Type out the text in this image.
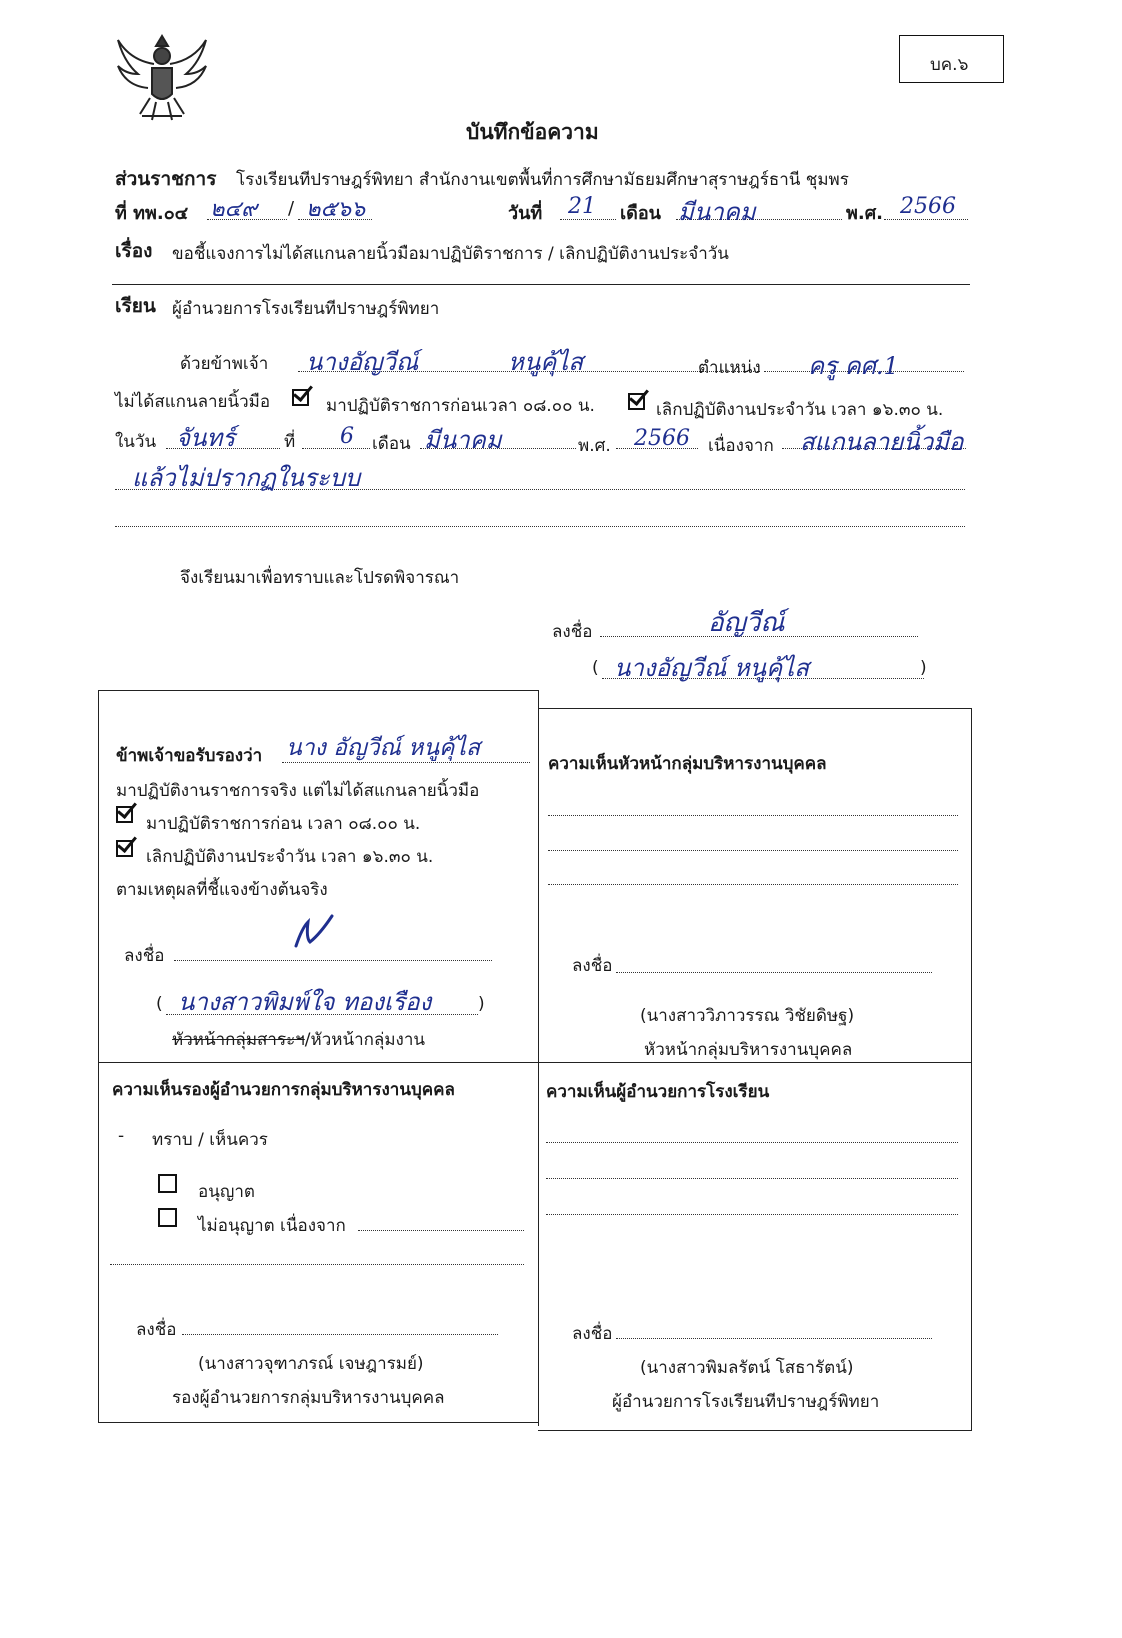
บค.๖
บันทึกข้อความ
ส่วนราชการ โรงเรียนทีปราษฎร์พิทยา สำนักงานเขตพื้นที่การศึกษามัธยมศึกษาสุราษฎร์ธานี ชุมพร
ที่ ทพ.๐๔ ๒๔๙ / ๒๕๖๖	วันที่ 21 เดือน มีนาคม	พ.ศ. 2566
เรื่อง ขอชี้แจงการไม่ได้สแกนลายนิ้วมือมาปฏิบัติราชการ / เลิกปฏิบัติงานประจำวัน
เรียน ผู้อำนวยการโรงเรียนทีปราษฎร์พิทยา
ด้วยข้าพเจ้า นางอัญวีณ์	หนูคุ้ไส	ตำแหน่ง ครู คศ.1
ไม่ได้สแกนลายนิ้วมือ	มาปฏิบัติราชการก่อนเวลา ๐๘.๐๐ น.	เลิกปฏิบัติงานประจำวัน เวลา ๑๖.๓๐ น.
ในวัน จันทร์	ที่ 6 เดือน มีนาคม	พ.ศ. 2566 เนื่องจาก สแกนลายนิ้วมือ
แล้วไม่ปรากฏในระบบ
จึงเรียนมาเพื่อทราบและโปรดพิจารณา
ลงชื่อ	อัญวีณ์
( นางอัญวีณ์ หนูคุ้ไส	)
ข้าพเจ้าขอรับรองว่า นาง อัญวีณ์ หนูคุ้ไส
มาปฏิบัติงานราชการจริง แต่ไม่ได้สแกนลายนิ้วมือ
มาปฏิบัติราชการก่อน เวลา ๐๘.๐๐ น.
เลิกปฏิบัติงานประจำวัน เวลา ๑๖.๓๐ น.
ตามเหตุผลที่ชี้แจงข้างต้นจริง
ลงชื่อ
( นางสาวพิมพ์ใจ ทองเรือง	)
หัวหน้ากลุ่มสาระฯ/หัวหน้ากลุ่มงาน
ความเห็นหัวหน้ากลุ่มบริหารงานบุคคล
ลงชื่อ
(นางสาววิภาวรรณ วิชัยดิษฐ)
หัวหน้ากลุ่มบริหารงานบุคคล
ความเห็นรองผู้อำนวยการกลุ่มบริหารงานบุคคล
- ทราบ / เห็นควร
อนุญาต
ไม่อนุญาต เนื่องจาก
ลงชื่อ
(นางสาวจุฑาภรณ์ เจษฎารมย์)
รองผู้อำนวยการกลุ่มบริหารงานบุคคล
ความเห็นผู้อำนวยการโรงเรียน
ลงชื่อ
(นางสาวพิมลรัตน์ โสธารัตน์)
ผู้อำนวยการโรงเรียนทีปราษฎร์พิทยา
